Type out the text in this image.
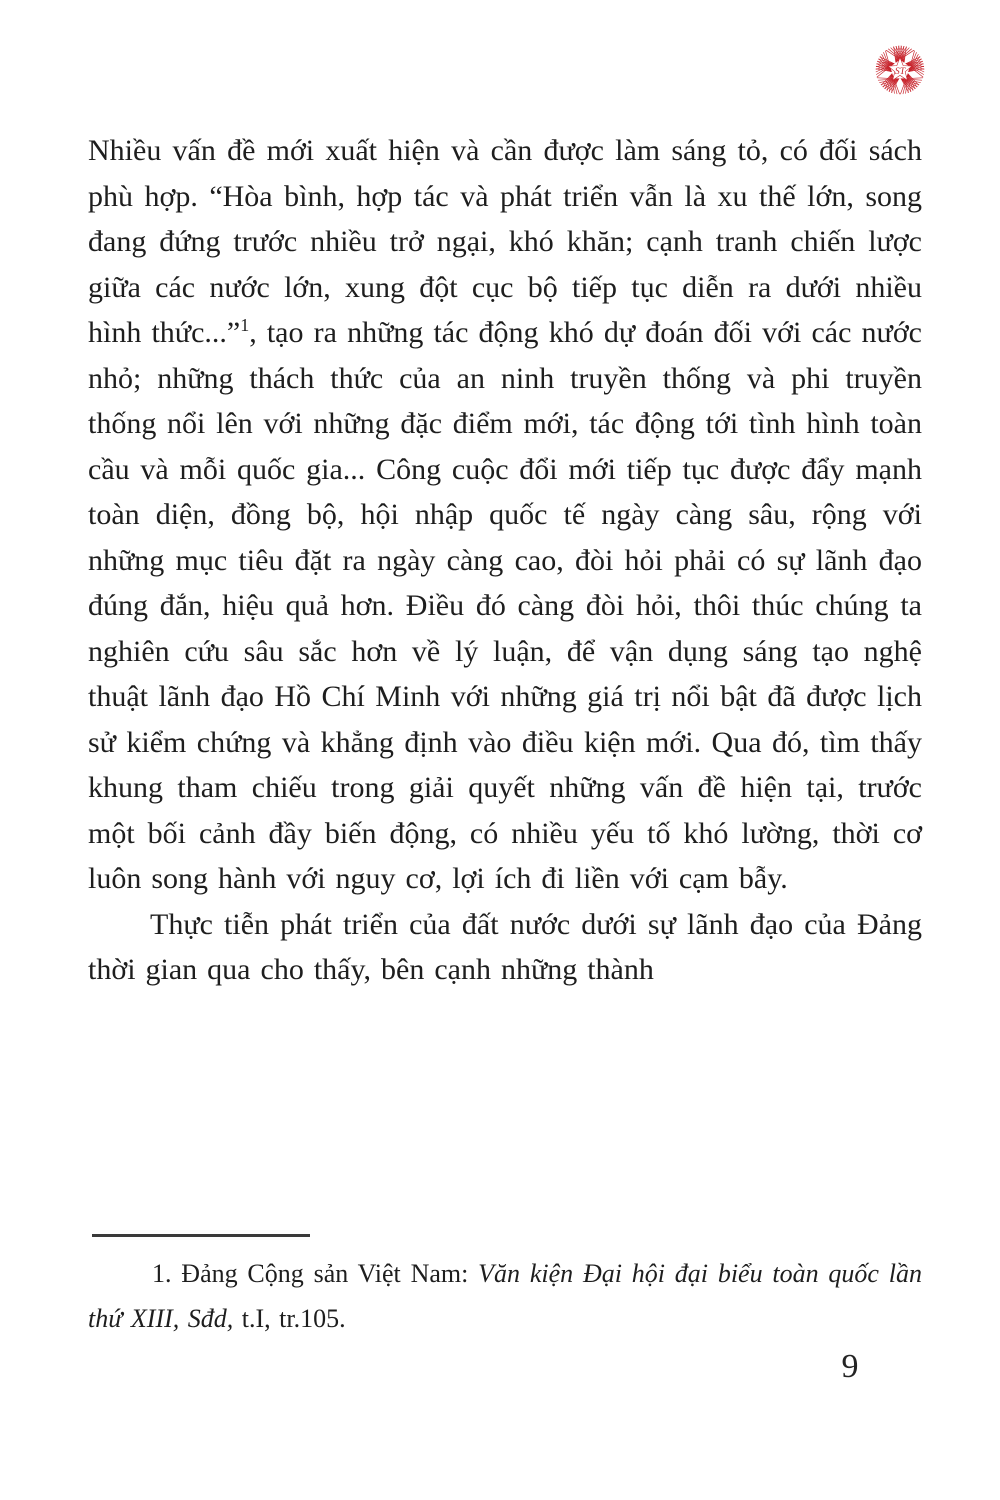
ST

Nhiều vấn đề mới xuất hiện và cần được làm sáng tỏ, có đối sách phù hợp. “Hòa bình, hợp tác và phát triển vẫn là xu thế lớn, song đang đứng trước nhiều trở ngại, khó khăn; cạnh tranh chiến lược giữa các nước lớn, xung đột cục bộ tiếp tục diễn ra dưới nhiều hình thức...”$^1$, tạo ra những tác động khó dự đoán đối với các nước nhỏ; những thách thức của an ninh truyền thống và phi truyền thống nổi lên với những đặc điểm mới, tác động tới tình hình toàn cầu và mỗi quốc gia... Công cuộc đổi mới tiếp tục được đẩy mạnh toàn diện, đồng bộ, hội nhập quốc tế ngày càng sâu, rộng với những mục tiêu đặt ra ngày càng cao, đòi hỏi phải có sự lãnh đạo đúng đắn, hiệu quả hơn. Điều đó càng đòi hỏi, thôi thúc chúng ta nghiên cứu sâu sắc hơn về lý luận, để vận dụng sáng tạo nghệ thuật lãnh đạo Hồ Chí Minh với những giá trị nổi bật đã được lịch sử kiểm chứng và khẳng định vào điều kiện mới. Qua đó, tìm thấy khung tham chiếu trong giải quyết những vấn đề hiện tại, trước một bối cảnh đầy biến động, có nhiều yếu tố khó lường, thời cơ luôn song hành với nguy cơ, lợi ích đi liền với cạm bẫy.

Thực tiễn phát triển của đất nước dưới sự lãnh đạo của Đảng thời gian qua cho thấy, bên cạnh những thành

1. Đảng Cộng sản Việt Nam: Văn kiện Đại hội đại biểu toàn quốc lần thứ XIII, Sđd, t.I, tr.105.

9
